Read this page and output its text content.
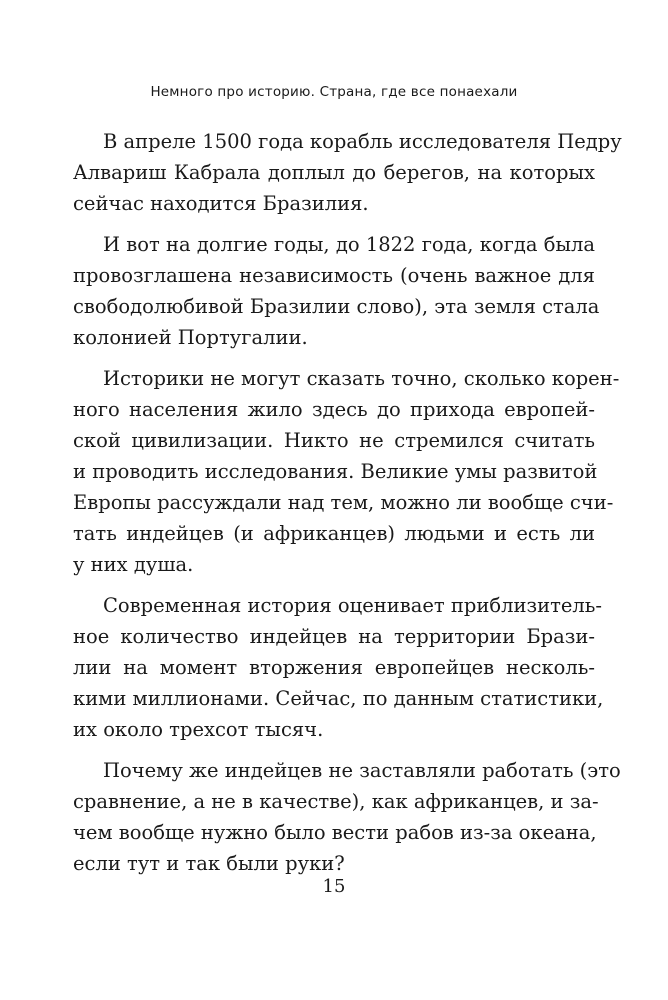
Немного про историю. Страна, где все понаехали

В апреле 1500 года корабль исследователя Педру
Алвариш Кабрала доплыл до берегов, на которых
сейчас находится Бразилия.

И вот на долгие годы, до 1822 года, когда была
провозглашена независимость (очень важное для
свободолюбивой Бразилии слово), эта земля стала
колонией Португалии.

Историки не могут сказать точно, сколько корен-
ного населения жило здесь до прихода европей-
ской цивилизации. Никто не стремился считать
и проводить исследования. Великие умы развитой
Европы рассуждали над тем, можно ли вообще счи-
тать индейцев (и африканцев) людьми и есть ли
у них душа.

Современная история оценивает приблизитель-
ное количество индейцев на территории Брази-
лии на момент вторжения европейцев несколь-
кими миллионами. Сейчас, по данным статистики,
их около трехсот тысяч.

Почему же индейцев не заставляли работать (это
сравнение, а не в качестве), как африканцев, и за-
чем вообще нужно было вести рабов из-за океана,
если тут и так были руки?

15
